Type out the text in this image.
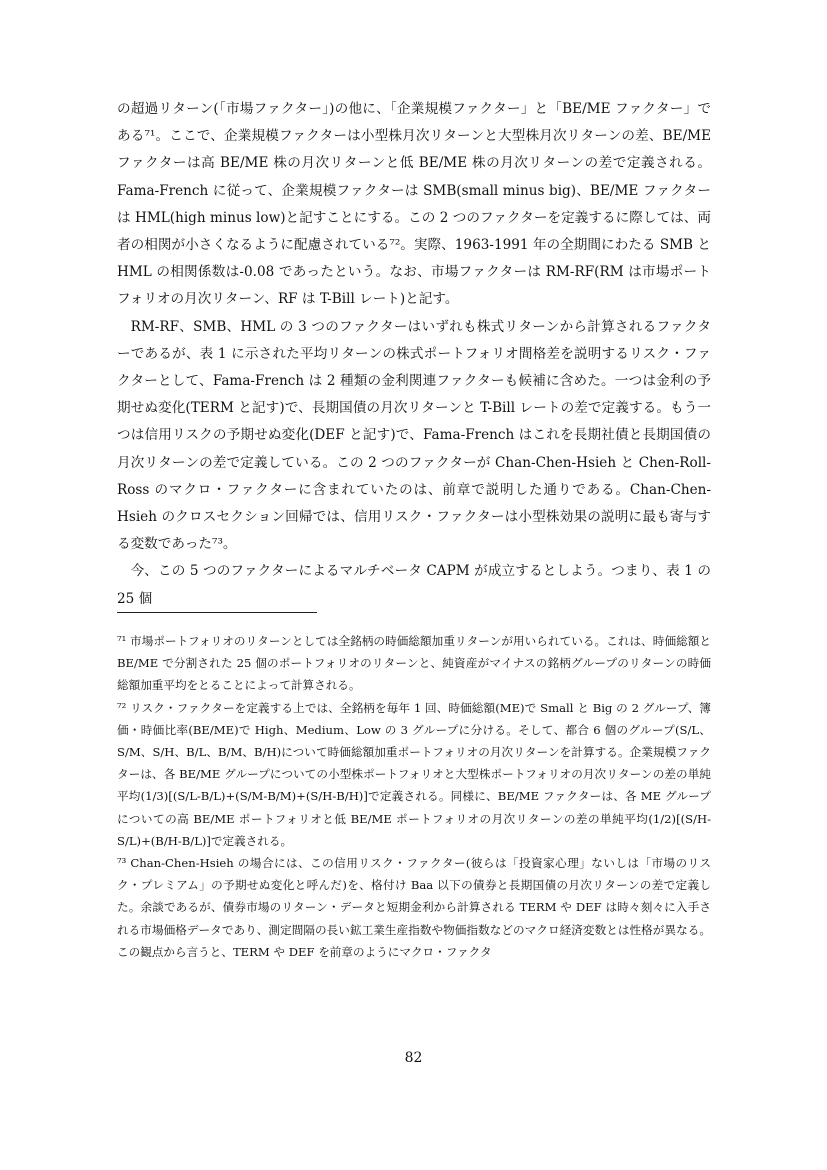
の超過リターン(「市場ファクター」)の他に、「企業規模ファクター」と「BE/ME ファクター」である⁷¹。ここで、企業規模ファクターは小型株月次リターンと大型株月次リターンの差、BE/ME ファクターは高 BE/ME 株の月次リターンと低 BE/ME 株の月次リターンの差で定義される。 Fama-French に従って、企業規模ファクターは SMB(small minus big)、BE/ME ファクターは HML(high minus low)と記すことにする。この 2 つのファクターを定義するに際しては、両者の相関が小さくなるように配慮されている⁷²。実際、1963-1991 年の全期間にわたる SMB と HML の相関係数は-0.08 であったという。なお、市場ファクターは RM-RF(RM は市場ポートフォリオの月次リターン、RF は T-Bill レート)と記す。

RM-RF、SMB、HML の 3 つのファクターはいずれも株式リターンから計算されるファクターであるが、表 1 に示された平均リターンの株式ポートフォリオ間格差を説明するリスク・ファクターとして、Fama-French は 2 種類の金利関連ファクターも候補に含めた。一つは金利の予期せぬ変化(TERM と記す)で、長期国債の月次リターンと T-Bill レートの差で定義する。もう一つは信用リスクの予期せぬ変化(DEF と記す)で、Fama-French はこれを長期社債と長期国債の月次リターンの差で定義している。この 2 つのファクターが Chan-Chen-Hsieh と Chen-Roll-Ross のマクロ・ファクターに含まれていたのは、前章で説明した通りである。Chan-Chen-Hsieh のクロスセクション回帰では、信用リスク・ファクターは小型株効果の説明に最も寄与する変数であった⁷³。

今、この 5 つのファクターによるマルチベータ CAPM が成立するとしよう。つまり、表 1 の 25 個

⁷¹ 市場ポートフォリオのリターンとしては全銘柄の時価総額加重リターンが用いられている。これは、時価総額と BE/ME で分割された 25 個のポートフォリオのリターンと、純資産がマイナスの銘柄グループのリターンの時価総額加重平均をとることによって計算される。

⁷² リスク・ファクターを定義する上では、全銘柄を毎年 1 回、時価総額(ME)で Small と Big の 2 グループ、簿価・時価比率(BE/ME)で High、Medium、Low の 3 グループに分ける。そして、都合 6 個のグループ(S/L、S/M、S/H、B/L、B/M、B/H)について時価総額加重ポートフォリオの月次リターンを計算する。企業規模ファクターは、各 BE/ME グループについての小型株ポートフォリオと大型株ポートフォリオの月次リターンの差の単純平均(1/3)[(S/L-B/L)+(S/M-B/M)+(S/H-B/H)]で定義される。同様に、BE/ME ファクターは、各 ME グループについての高 BE/ME ポートフォリオと低 BE/ME ポートフォリオの月次リターンの差の単純平均(1/2)[(S/H-S/L)+(B/H-B/L)]で定義される。

⁷³ Chan-Chen-Hsieh の場合には、この信用リスク・ファクター(彼らは「投資家心理」ないしは「市場のリスク・プレミアム」の予期せぬ変化と呼んだ)を、格付け Baa 以下の債券と長期国債の月次リターンの差で定義した。余談であるが、債券市場のリターン・データと短期金利から計算される TERM や DEF は時々刻々に入手される市場価格データであり、測定間隔の長い鉱工業生産指数や物価指数などのマクロ経済変数とは性格が異なる。この観点から言うと、TERM や DEF を前章のようにマクロ・ファクタ

82
